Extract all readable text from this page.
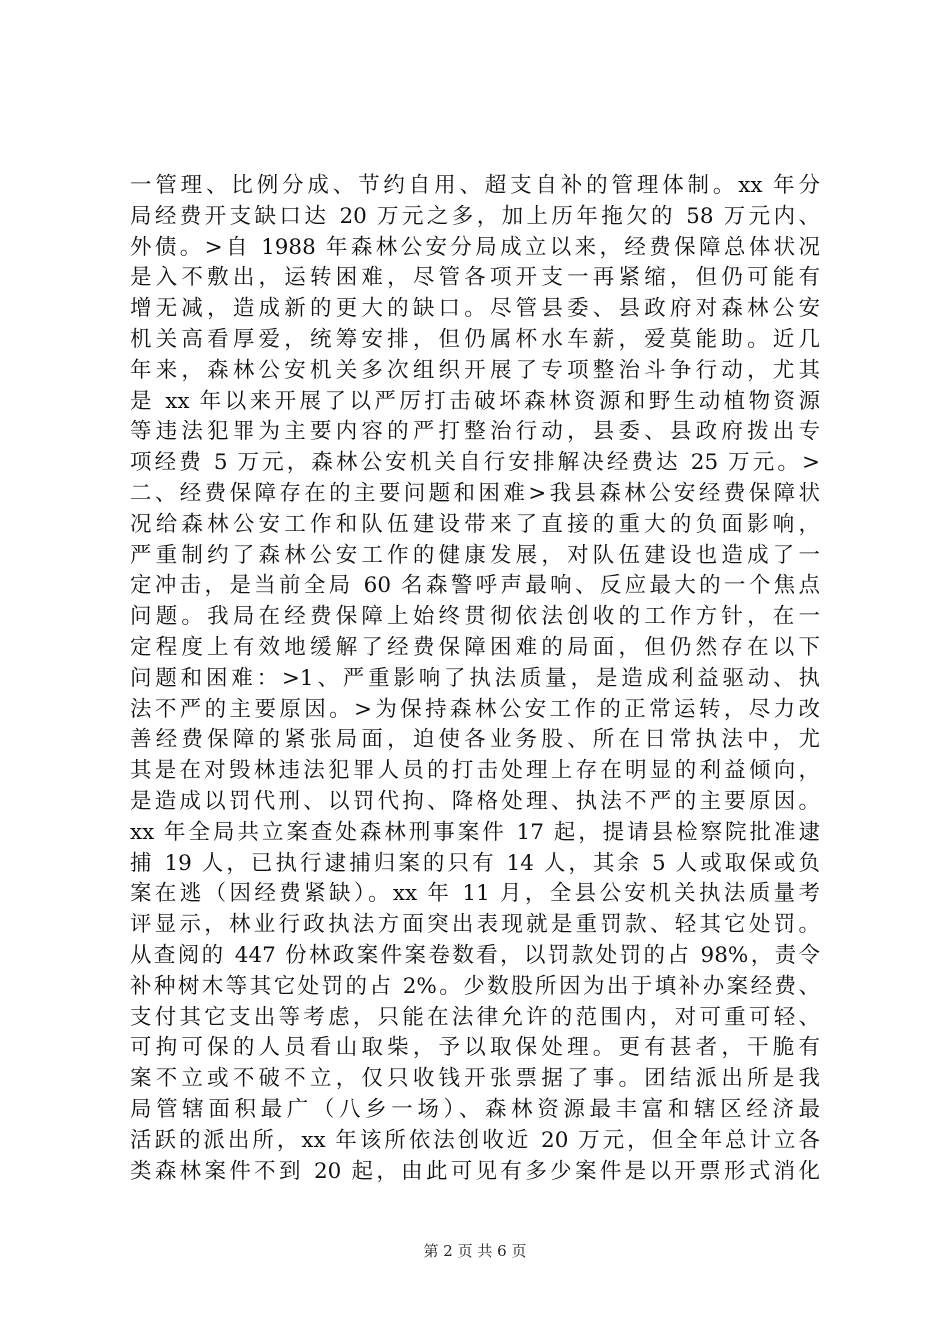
一管理、比例分成、节约自用、超支自补的管理体制。xx 年分
局经费开支缺口达 20 万元之多，加上历年拖欠的 58 万元内、
外债。>自 1988 年森林公安分局成立以来，经费保障总体状况
是入不敷出，运转困难，尽管各项开支一再紧缩，但仍可能有
增无减，造成新的更大的缺口。尽管县委、县政府对森林公安
机关高看厚爱，统筹安排，但仍属杯水车薪，爱莫能助。近几
年来，森林公安机关多次组织开展了专项整治斗争行动，尤其
是 xx 年以来开展了以严厉打击破坏森林资源和野生动植物资源
等违法犯罪为主要内容的严打整治行动，县委、县政府拨出专
项经费 5 万元，森林公安机关自行安排解决经费达 25 万元。>
二、经费保障存在的主要问题和困难>我县森林公安经费保障状
况给森林公安工作和队伍建设带来了直接的重大的负面影响，
严重制约了森林公安工作的健康发展，对队伍建设也造成了一
定冲击，是当前全局 60 名森警呼声最响、反应最大的一个焦点
问题。我局在经费保障上始终贯彻依法创收的工作方针，在一
定程度上有效地缓解了经费保障困难的局面，但仍然存在以下
问题和困难：>1、严重影响了执法质量，是造成利益驱动、执
法不严的主要原因。>为保持森林公安工作的正常运转，尽力改
善经费保障的紧张局面，迫使各业务股、所在日常执法中，尤
其是在对毁林违法犯罪人员的打击处理上存在明显的利益倾向，
是造成以罚代刑、以罚代拘、降格处理、执法不严的主要原因。
xx 年全局共立案查处森林刑事案件 17 起，提请县检察院批准逮
捕 19 人，已执行逮捕归案的只有 14 人，其余 5 人或取保或负
案在逃（因经费紧缺）。xx 年 11 月，全县公安机关执法质量考
评显示，林业行政执法方面突出表现就是重罚款、轻其它处罚。
从查阅的 447 份林政案件案卷数看，以罚款处罚的占 98%，责令
补种树木等其它处罚的占 2%。少数股所因为出于填补办案经费、
支付其它支出等考虑，只能在法律允许的范围内，对可重可轻、
可拘可保的人员看山取柴，予以取保处理。更有甚者，干脆有
案不立或不破不立，仅只收钱开张票据了事。团结派出所是我
局管辖面积最广（八乡一场）、森林资源最丰富和辖区经济最
活跃的派出所，xx 年该所依法创收近 20 万元，但全年总计立各
类森林案件不到 20 起，由此可见有多少案件是以开票形式消化
第 2 页 共 6 页
